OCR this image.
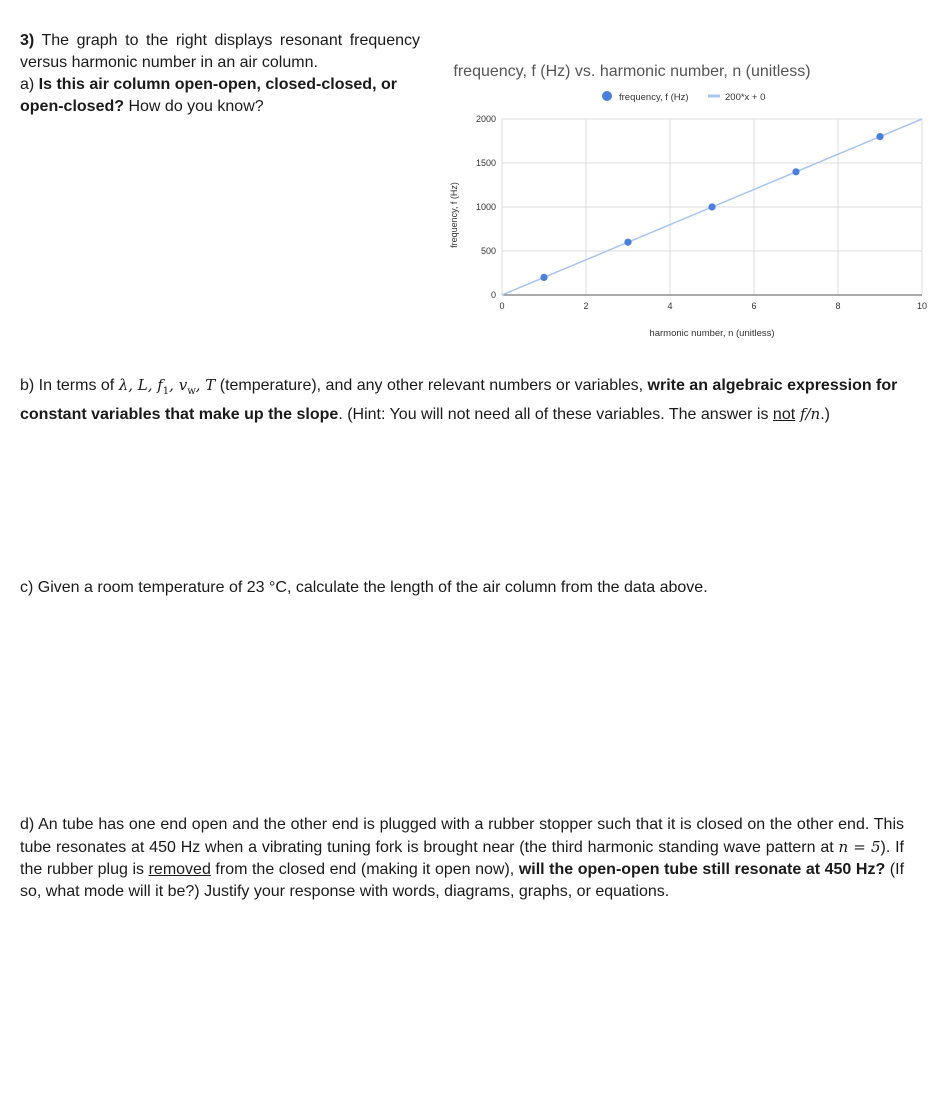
3) The graph to the right displays resonant frequency versus harmonic number in an air column.
a) Is this air column open-open, closed-closed, or open-closed? How do you know?
frequency, f (Hz) vs. harmonic number, n (unitless)
frequency, f (Hz)	200*x + 0
0	2	4	6	8	10
0
500
1000
1500
2000
harmonic number, n (unitless)
frequency, f (Hz)
b) In terms of λ, L, $f_1$, $v_w$, T (temperature), and any other relevant numbers or variables, write an algebraic expression for constant variables that make up the slope. (Hint: You will not need all of these variables. The answer is not f/n.)
c) Given a room temperature of 23 °C, calculate the length of the air column from the data above.
d) An tube has one end open and the other end is plugged with a rubber stopper such that it is closed on the other end. This tube resonates at 450 Hz when a vibrating tuning fork is brought near (the third harmonic standing wave pattern at n = 5). If the rubber plug is removed from the closed end (making it open now), will the open-open tube still resonate at 450 Hz? (If so, what mode will it be?) Justify your response with words, diagrams, graphs, or equations.
